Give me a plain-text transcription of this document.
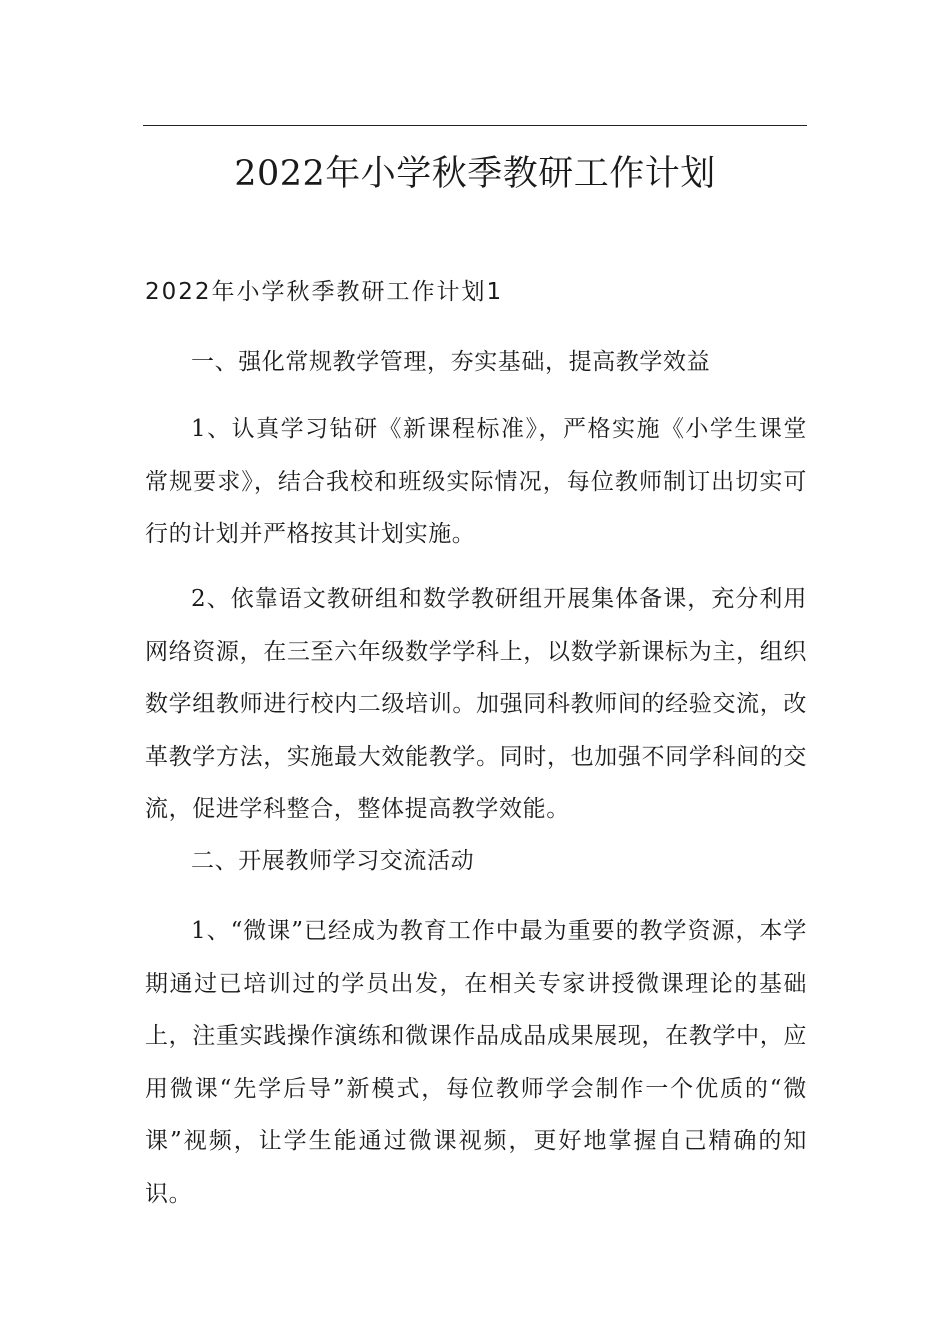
2022年小学秋季教研工作计划
2022年小学秋季教研工作计划1

一、强化常规教学管理，夯实基础，提高教学效益

1、认真学习钻研《新课程标准》，严格实施《小学生课堂常规要求》，结合我校和班级实际情况，每位教师制订出切实可行的计划并严格按其计划实施。

2、依靠语文教研组和数学教研组开展集体备课，充分利用网络资源，在三至六年级数学学科上，以数学新课标为主，组织数学组教师进行校内二级培训。加强同科教师间的经验交流，改革教学方法，实施最大效能教学。同时，也加强不同学科间的交流，促进学科整合，整体提高教学效能。

二、开展教师学习交流活动

1、“微课”已经成为教育工作中最为重要的教学资源，本学期通过已培训过的学员出发，在相关专家讲授微课理论的基础上，注重实践操作演练和微课作品成品成果展现，在教学中，应用微课“先学后导”新模式，每位教师学会制作一个优质的“微课”视频，让学生能通过微课视频，更好地掌握自己精确的知识。
